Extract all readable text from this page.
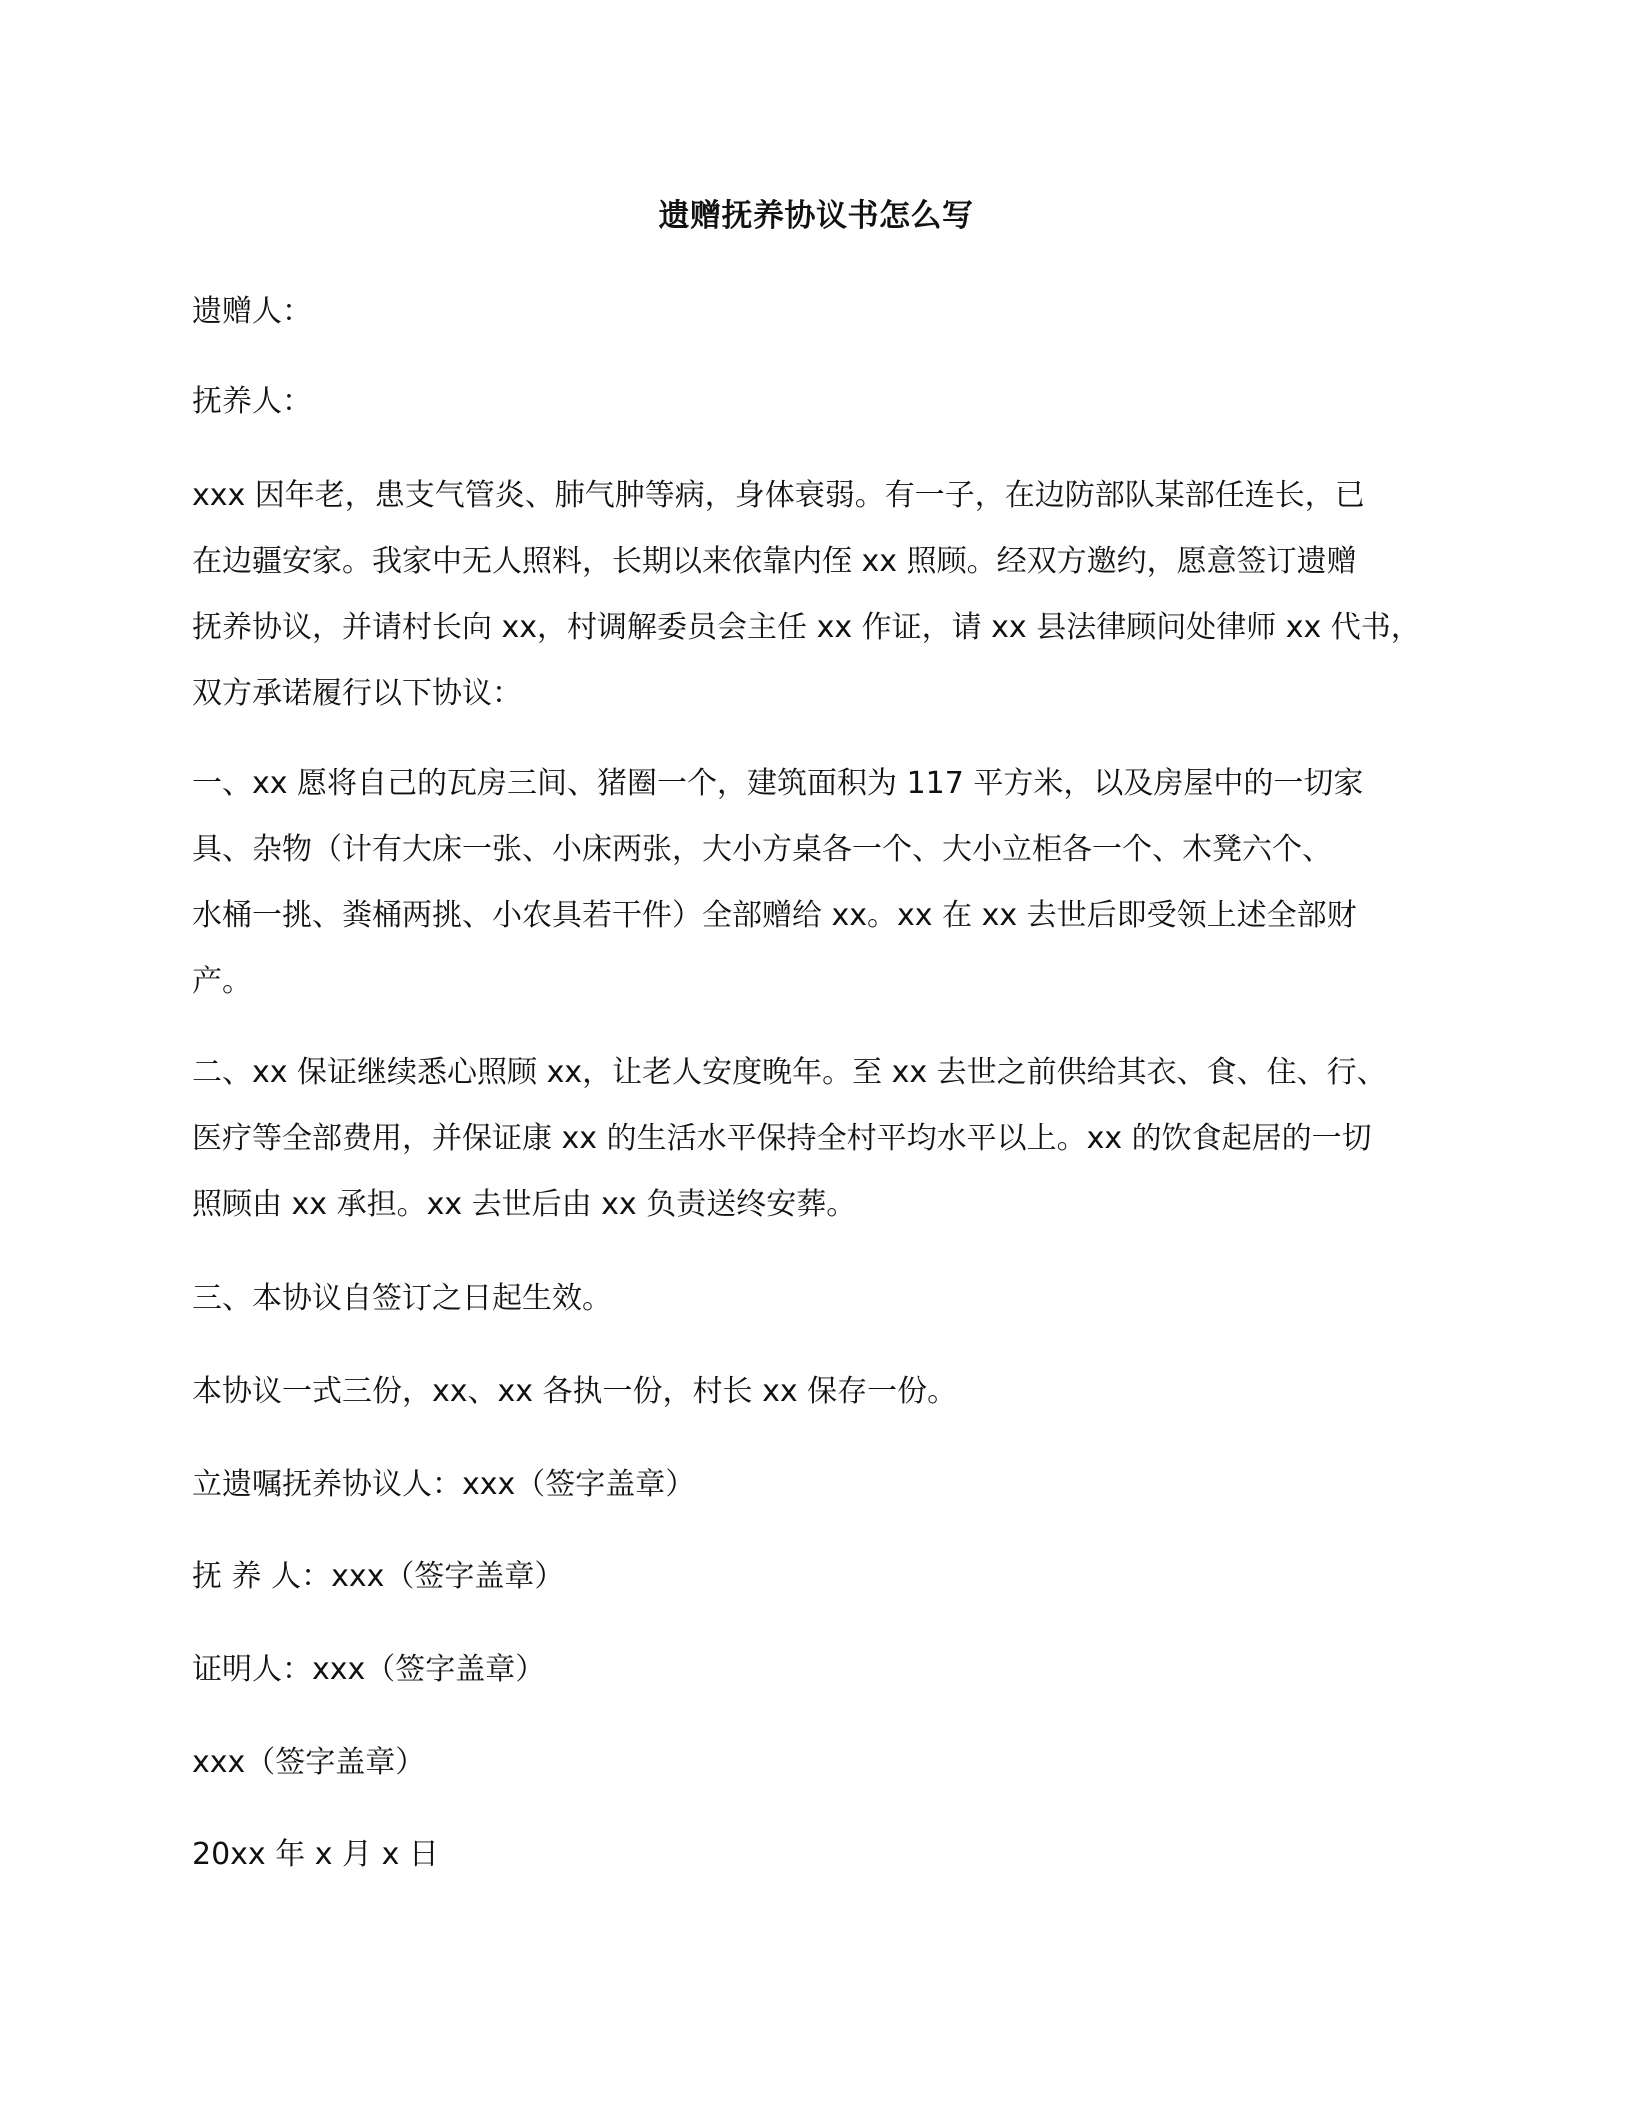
遗赠抚养协议书怎么写
遗赠人：
抚养人：
xxx 因年老，患支气管炎、肺气肿等病，身体衰弱。有一子，在边防部队某部任连长，已
在边疆安家。我家中无人照料，长期以来依靠内侄 xx 照顾。经双方邀约，愿意签订遗赠
抚养协议，并请村长向 xx，村调解委员会主任 xx 作证，请 xx 县法律顾问处律师 xx 代书，
双方承诺履行以下协议：
一、xx 愿将自己的瓦房三间、猪圈一个，建筑面积为 117 平方米，以及房屋中的一切家
具、杂物（计有大床一张、小床两张，大小方桌各一个、大小立柜各一个、木凳六个、
水桶一挑、粪桶两挑、小农具若干件）全部赠给 xx。xx 在 xx 去世后即受领上述全部财
产。
二、xx 保证继续悉心照顾 xx，让老人安度晚年。至 xx 去世之前供给其衣、食、住、行、
医疗等全部费用，并保证康 xx 的生活水平保持全村平均水平以上。xx 的饮食起居的一切
照顾由 xx 承担。xx 去世后由 xx 负责送终安葬。
三、本协议自签订之日起生效。
本协议一式三份，xx、xx 各执一份，村长 xx 保存一份。
立遗嘱抚养协议人：xxx（签字盖章）
抚 养 人：xxx（签字盖章）
证明人：xxx（签字盖章）
xxx（签字盖章）
20xx 年 x 月 x 日
